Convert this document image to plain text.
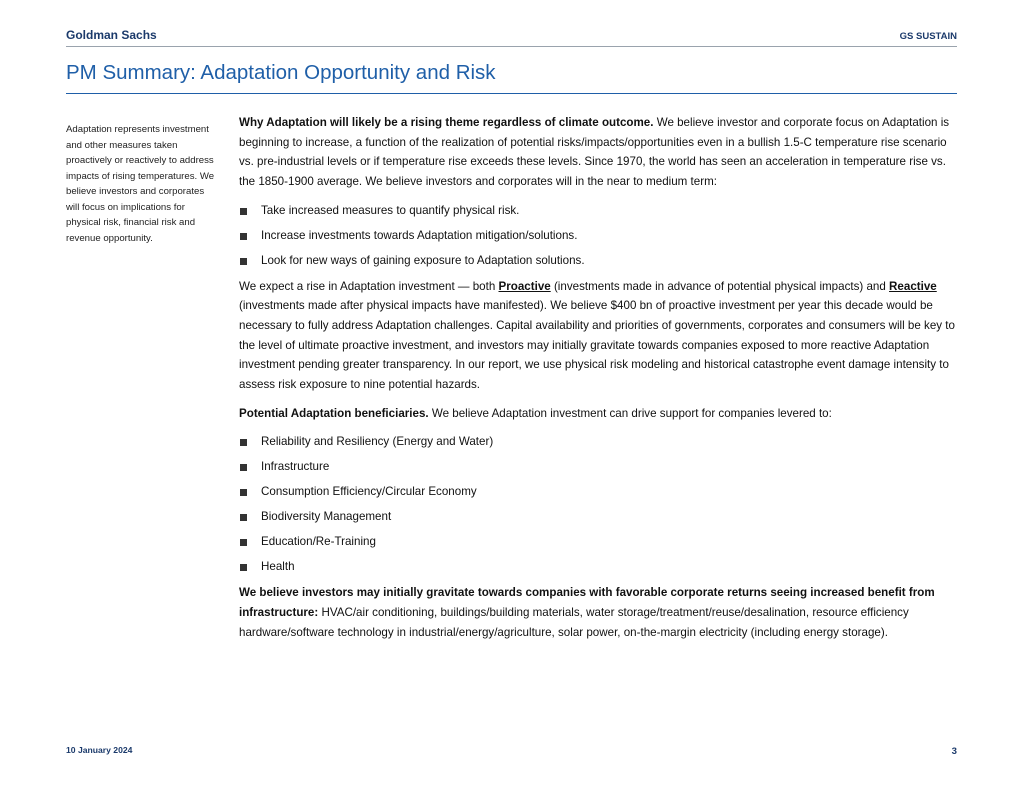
Goldman Sachs	GS SUSTAIN
PM Summary: Adaptation Opportunity and Risk
Adaptation represents investment and other measures taken proactively or reactively to address impacts of rising temperatures. We believe investors and corporates will focus on implications for physical risk, financial risk and revenue opportunity.

Why Adaptation will likely be a rising theme regardless of climate outcome. We believe investor and corporate focus on Adaptation is beginning to increase, a function of the realization of potential risks/impacts/opportunities even in a bullish 1.5-C temperature rise scenario vs. pre-industrial levels or if temperature rise exceeds these levels. Since 1970, the world has seen an acceleration in temperature rise vs. the 1850-1900 average. We believe investors and corporates will in the near to medium term:

Take increased measures to quantify physical risk.
Increase investments towards Adaptation mitigation/solutions.
Look for new ways of gaining exposure to Adaptation solutions.

We expect a rise in Adaptation investment — both Proactive (investments made in advance of potential physical impacts) and Reactive (investments made after physical impacts have manifested). We believe $400 bn of proactive investment per year this decade would be necessary to fully address Adaptation challenges. Capital availability and priorities of governments, corporates and consumers will be key to the level of ultimate proactive investment, and investors may initially gravitate towards companies exposed to more reactive Adaptation investment pending greater transparency. In our report, we use physical risk modeling and historical catastrophe event damage intensity to assess risk exposure to nine potential hazards.

Potential Adaptation beneficiaries. We believe Adaptation investment can drive support for companies levered to:

Reliability and Resiliency (Energy and Water)
Infrastructure
Consumption Efficiency/Circular Economy
Biodiversity Management
Education/Re-Training
Health

We believe investors may initially gravitate towards companies with favorable corporate returns seeing increased benefit from infrastructure: HVAC/air conditioning, buildings/building materials, water storage/treatment/reuse/desalination, resource efficiency hardware/software technology in industrial/energy/agriculture, solar power, on-the-margin electricity (including energy storage).

10 January 2024	3
